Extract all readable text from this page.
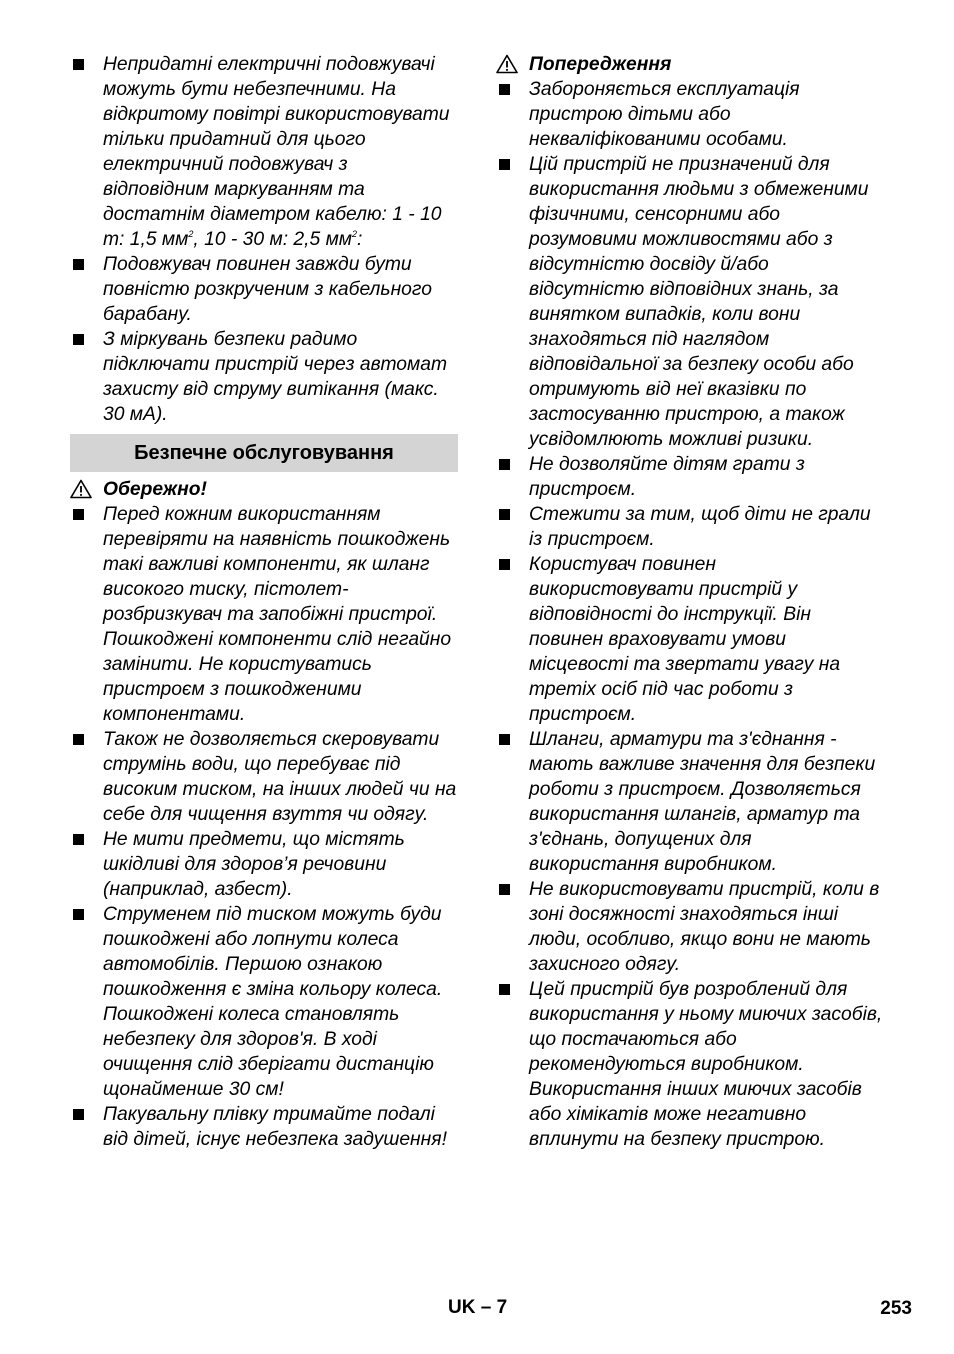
Непридатні електричні подовжувачі можуть бути небезпечними. На відкритому повітрі використовувати тільки придатний для цього електричний подовжувач з відповідним маркуванням та достатнім діаметром кабелю: 1 - 10 m: 1,5 $мм^2$, 10 - 30 м: 2,5 $мм^2$:
Подовжувач повинен завжди бути повністю розкрученим з кабельного барабану.
З міркувань безпеки радимо підключати пристрій через автомат захисту від струму витікання (макс. 30 мА).
Безпечне обслуговування
Обережно!
Перед кожним використанням перевіряти на наявність пошкоджень такі важливі компоненти, як шланг високого тиску, пістолет-розбризкувач та запобіжні пристрої. Пошкоджені компоненти слід негайно замінити. Не користуватись пристроєм з пошкодженими компонентами.
Також не дозволяється скеровувати струмінь води, що перебуває під високим тиском, на інших людей чи на себе для чищення взуття чи одягу.
Не мити предмети, що містять шкідливі для здоров’я речовини (наприклад, азбест).
Струменем під тиском можуть буди пошкоджені або лопнути колеса автомобілів. Першою ознакою пошкодження є зміна кольору колеса. Пошкоджені колеса становлять небезпеку для здоров'я. В ході очищення слід зберігати дистанцію щонайменше 30 см!
Пакувальну плівку тримайте подалі від дітей, існує небезпека задушення!
Попередження
Забороняється експлуатація пристрою дітьми або некваліфікованими особами.
Цій пристрій не призначений для використання людьми з обмеженими фізичними, сенсорними або розумовими можливостями або з відсутністю досвіду й/або відсутністю відповідних знань, за винятком випадків, коли вони знаходяться під наглядом відповідальної за безпеку особи або отримують від неї вказівки по застосуванню пристрою, а також усвідомлюють можливі ризики.
Не дозволяйте дітям грати з пристроєм.
Стежити за тим, щоб діти не грали із пристроєм.
Користувач повинен використовувати пристрій у відповідності до інструкції. Він повинен враховувати умови місцевості та звертати увагу на третіх осіб під час роботи з пристроєм.
Шланги, арматури та з'єднання - мають важливе значення для безпеки роботи з пристроєм. Дозволяється використання шлангів, арматур та з'єднань, допущених для використання виробником.
Не використовувати пристрій, коли в зоні досяжності знаходяться інші люди, особливо, якщо вони не мають захисного одягу.
Цей пристрій був розроблений для використання у ньому миючих засобів, що постачаються або рекомендуються виробником. Використання інших миючих засобів або хімікатів може негативно вплинути на безпеку пристрою.
UK – 7	253
